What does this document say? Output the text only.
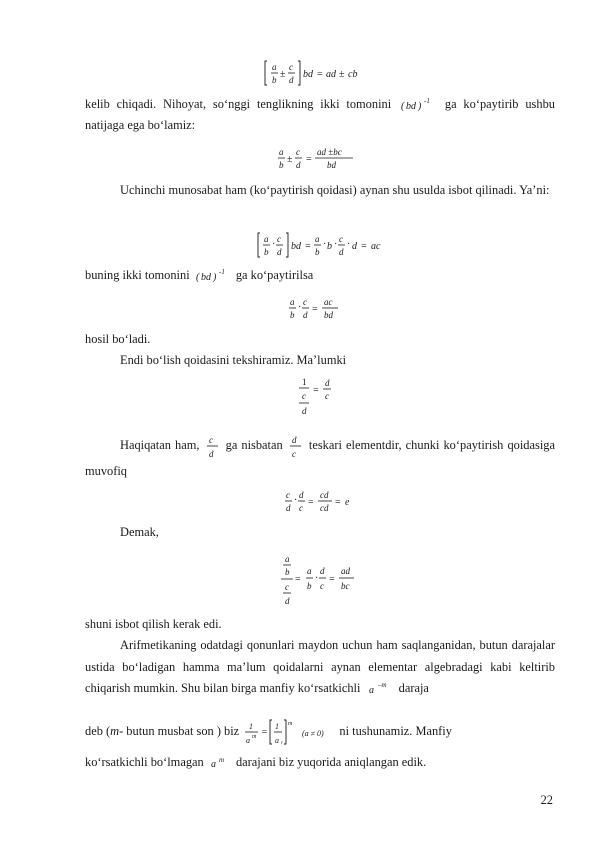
a
b ±
c
d bd = ad ± cb

kelib chiqadi. Nihoyat, so‘nggi tenglikning ikki tomonini ( bd ) -1 ga ko‘paytirib ushbu natijaga ega bo‘lamiz:

a
b ±
c
d =
ad ±bc
bd

Uchinchi munosabat ham (ko‘paytirish qoidasi) aynan shu usulda isbot qilinadi. Ya’ni:

a
b
· c
d bd =
a
b
· b · c
d
· d = ac

buning ikki tomonini ( bd ) -1 ga ko‘paytirilsa

a
b
· c
d =
ac
bd

hosil bo‘ladi.

Endi bo‘lish qoidasini tekshiramiz. Ma’lumki

1
c
d
=
d
c

Haqiqatan ham, c
d
ga nisbatan d
c
teskari elementdir, chunki ko‘paytirish qoidasiga muvofiq

c
d
· d
c =
cd
cd = e

Demak,

a
b
c
d
=
a
b
·
d
c
=
ad
bc

shuni isbot qilish kerak edi.

Arifmetikaning odatdagi qonunlari maydon uchun ham saqlanganidan, butun darajalar ustida bo‘ladigan hamma ma’lum qoidalarni aynan elementar algebradagi kabi keltirib chiqarish mumkin. Shu bilan birga manfiy ko‘rsatkichli a –m daraja

deb (m- butun musbat son ) biz 1
a m =
1
a r
m
(a ≠ 0) ni tushunamiz. Manfiy

ko‘rsatkichli bo‘lmagan a m darajani biz yuqorida aniqlangan edik.

22
